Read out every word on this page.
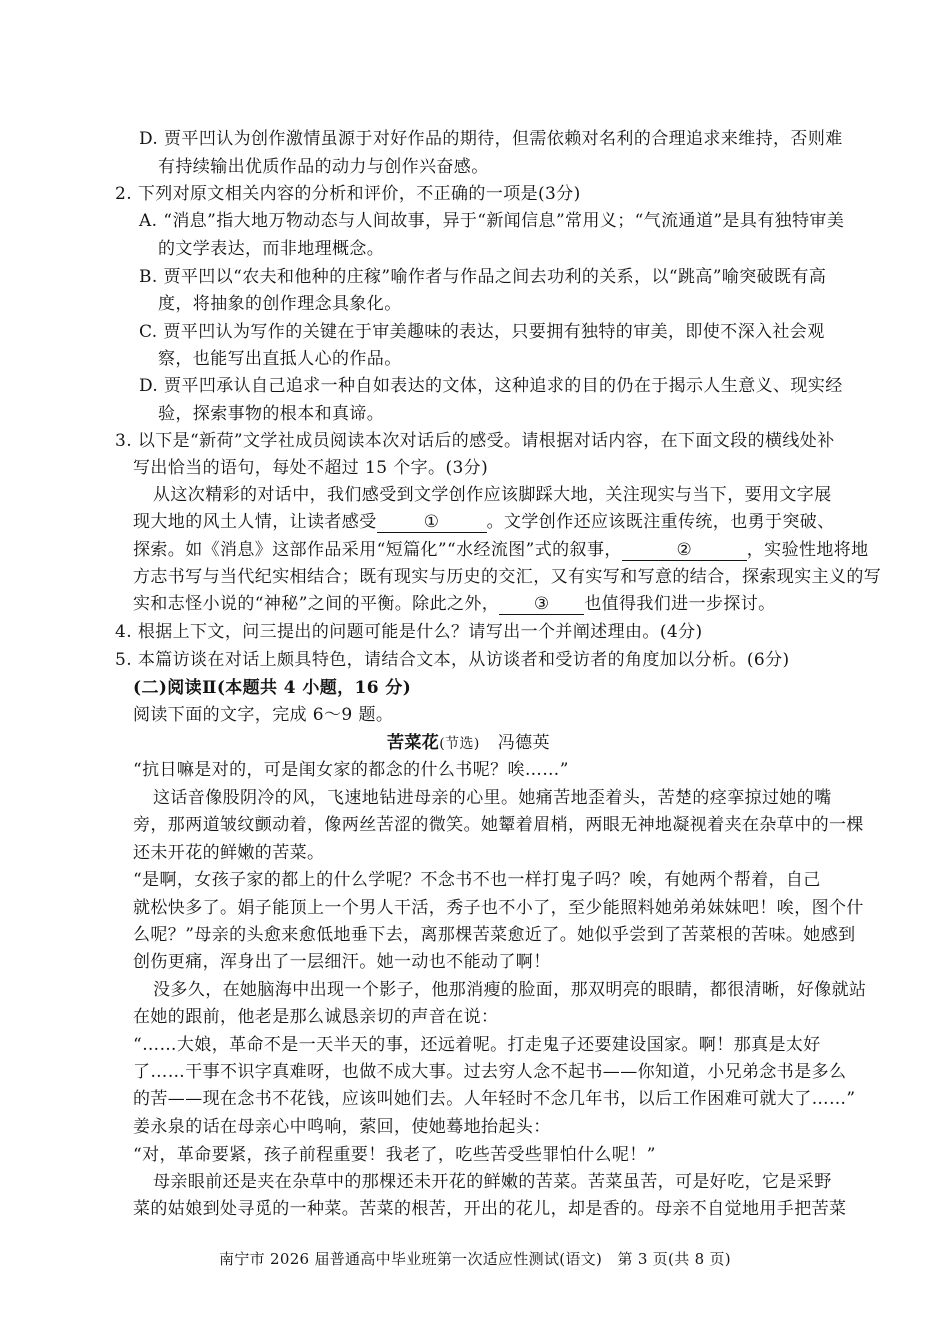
D. 贾平凹认为创作激情虽源于对好作品的期待，但需依赖对名利的合理追求来维持，否则难
有持续输出优质作品的动力与创作兴奋感。
2. 下列对原文相关内容的分析和评价，不正确的一项是(3分)
A. “消息”指大地万物动态与人间故事，异于“新闻信息”常用义；“气流通道”是具有独特审美
的文学表达，而非地理概念。
B. 贾平凹以“农夫和他种的庄稼”喻作者与作品之间去功利的关系，以“跳高”喻突破既有高
度，将抽象的创作理念具象化。
C. 贾平凹认为写作的关键在于审美趣味的表达，只要拥有独特的审美，即使不深入社会观
察，也能写出直抵人心的作品。
D. 贾平凹承认自己追求一种自如表达的文体，这种追求的目的仍在于揭示人生意义、现实经
验，探索事物的根本和真谛。
3. 以下是“新荷”文学社成员阅读本次对话后的感受。请根据对话内容，在下面文段的横线处补
写出恰当的语句，每处不超过 15 个字。(3分)
从这次精彩的对话中，我们感受到文学创作应该脚踩大地，关注现实与当下，要用文字展
现大地的风土人情，让读者感受	①	。文学创作还应该既注重传统，也勇于突破、
探索。如《消息》这部作品采用“短篇化”“水经流图”式的叙事，	②	，实验性地将地
方志书写与当代纪实相结合；既有现实与历史的交汇，又有实写和写意的结合，探索现实主义的写
实和志怪小说的“神秘”之间的平衡。除此之外， ③ 也值得我们进一步探讨。
4. 根据上下文，问三提出的问题可能是什么？请写出一个并阐述理由。(4分)
5. 本篇访谈在对话上颇具特色，请结合文本，从访谈者和受访者的角度加以分析。(6分)
(二)阅读Ⅱ(本题共 4 小题，16 分)
阅读下面的文字，完成 6～9 题。
苦菜花(节选) 冯德英
“抗日嘛是对的，可是闺女家的都念的什么书呢？唉……”
这话音像股阴冷的风，飞速地钻进母亲的心里。她痛苦地歪着头，苦楚的痉挛掠过她的嘴
旁，那两道皱纹颤动着，像两丝苦涩的微笑。她颦着眉梢，两眼无神地凝视着夹在杂草中的一棵
还未开花的鲜嫩的苦菜。
“是啊，女孩子家的都上的什么学呢？不念书不也一样打鬼子吗？唉，有她两个帮着，自己
就松快多了。娟子能顶上一个男人干活，秀子也不小了，至少能照料她弟弟妹妹吧！唉，图个什
么呢？”母亲的头愈来愈低地垂下去，离那棵苦菜愈近了。她似乎尝到了苦菜根的苦味。她感到
创伤更痛，浑身出了一层细汗。她一动也不能动了啊！
没多久，在她脑海中出现一个影子，他那消瘦的脸面，那双明亮的眼睛，都很清晰，好像就站
在她的跟前，他老是那么诚恳亲切的声音在说：
“……大娘，革命不是一天半天的事，还远着呢。打走鬼子还要建设国家。啊！那真是太好
了……干事不识字真难呀，也做不成大事。过去穷人念不起书——你知道，小兄弟念书是多么
的苦——现在念书不花钱，应该叫她们去。人年轻时不念几年书，以后工作困难可就大了……”
姜永泉的话在母亲心中鸣响，萦回，使她蓦地抬起头：
“对，革命要紧，孩子前程重要！我老了，吃些苦受些罪怕什么呢！”
母亲眼前还是夹在杂草中的那棵还未开花的鲜嫩的苦菜。苦菜虽苦，可是好吃，它是采野
菜的姑娘到处寻觅的一种菜。苦菜的根苦，开出的花儿，却是香的。母亲不自觉地用手把苦菜
南宁市 2026 届普通高中毕业班第一次适应性测试(语文)　第 3 页(共 8 页)
